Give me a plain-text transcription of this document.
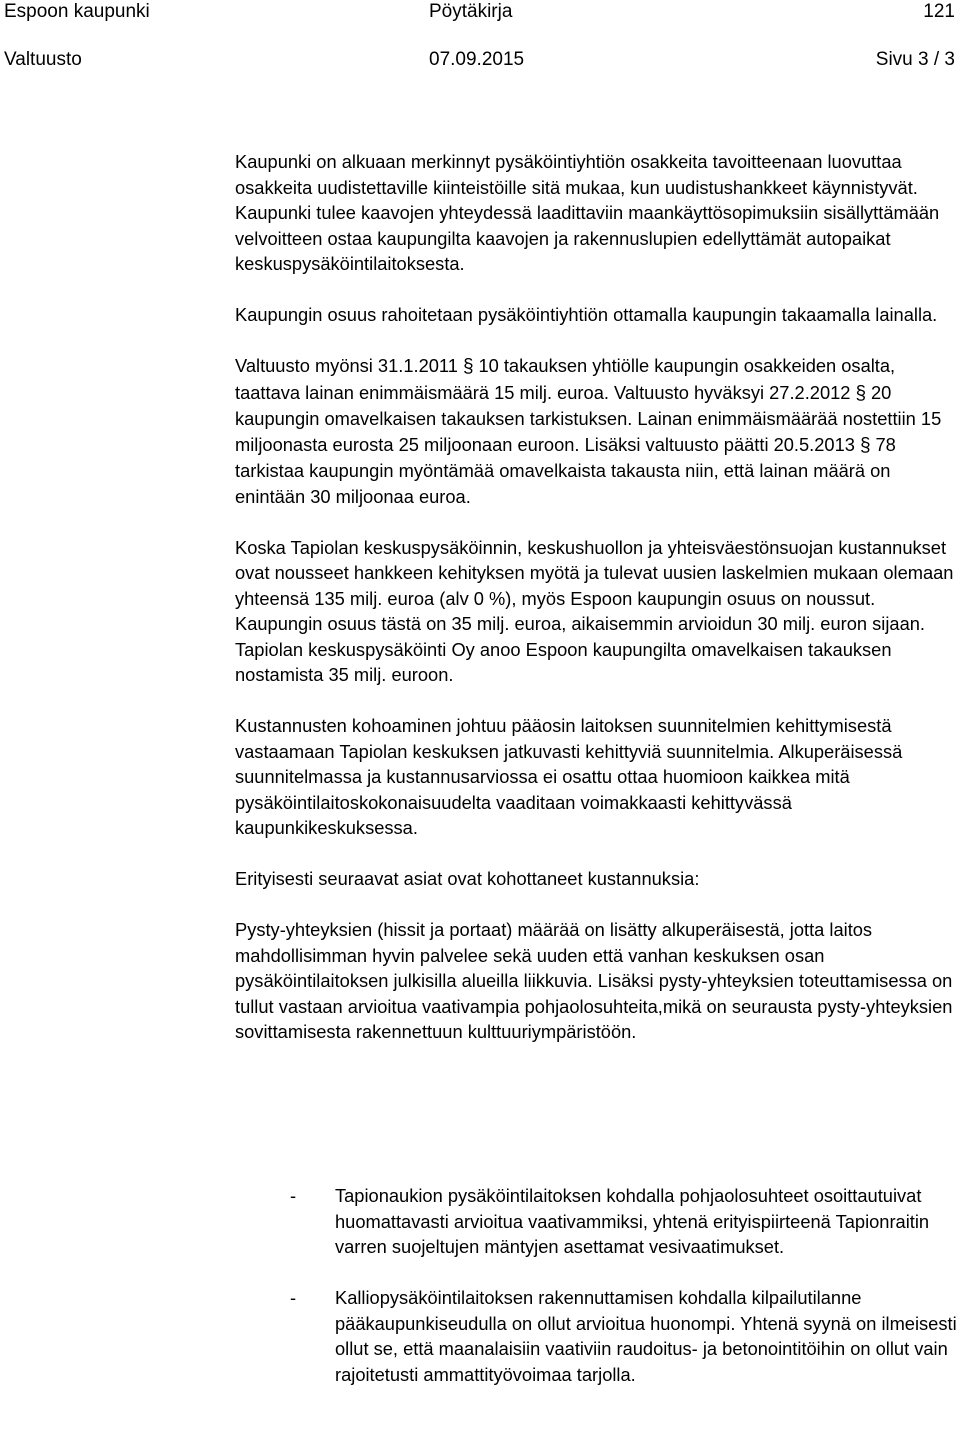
Espoon kaupunki	Pöytäkirja	121
Valtuusto	07.09.2015	Sivu 3 / 3

Kaupunki on alkuaan merkinnyt pysäköintiyhtiön osakkeita tavoitteenaan luovuttaa osakkeita uudistettaville kiinteistöille sitä mukaa, kun uudistushankkeet käynnistyvät. Kaupunki tulee kaavojen yhteydessä laadittaviin maankäyttösopimuksiin sisällyttämään velvoitteen ostaa kaupungilta kaavojen ja rakennuslupien edellyttämät autopaikat keskuspysäköintilaitoksesta.

Kaupungin osuus rahoitetaan pysäköintiyhtiön ottamalla kaupungin takaamalla lainalla.

Valtuusto myönsi 31.1.2011 § 10 takauksen yhtiölle kaupungin osakkeiden osalta, taattava lainan enimmäismäärä 15 milj. euroa. Valtuusto hyväksyi 27.2.2012 § 20 kaupungin omavelkaisen takauksen tarkistuksen. Lainan enimmäismäärää nostettiin 15 miljoonasta eurosta 25 miljoonaan euroon. Lisäksi valtuusto päätti 20.5.2013 § 78 tarkistaa kaupungin myöntämää omavelkaista takausta niin, että lainan määrä on enintään 30 miljoonaa euroa.

Koska Tapiolan keskuspysäköinnin, keskushuollon ja yhteisväestönsuojan kustannukset ovat nousseet hankkeen kehityksen myötä ja tulevat uusien laskelmien mukaan olemaan yhteensä 135 milj. euroa (alv 0 %), myös Espoon kaupungin osuus on noussut. Kaupungin osuus tästä on 35 milj. euroa, aikaisemmin arvioidun 30 milj. euron sijaan. Tapiolan keskuspysäköinti Oy anoo Espoon kaupungilta omavelkaisen takauksen nostamista 35 milj. euroon.

Kustannusten kohoaminen johtuu pääosin laitoksen suunnitelmien kehittymisestä vastaamaan Tapiolan keskuksen jatkuvasti kehittyviä suunnitelmia. Alkuperäisessä suunnitelmassa ja kustannusarviossa ei osattu ottaa huomioon kaikkea mitä pysäköintilaitoskokonaisuudelta vaaditaan voimakkaasti kehittyvässä kaupunkikeskuksessa.

Erityisesti seuraavat asiat ovat kohottaneet kustannuksia:

Pysty-yhteyksien (hissit ja portaat) määrää on lisätty alkuperäisestä, jotta laitos mahdollisimman hyvin palvelee sekä uuden että vanhan keskuksen osan pysäköintilaitoksen julkisilla alueilla liikkuvia. Lisäksi pysty-yhteyksien toteuttamisessa on tullut vastaan arvioitua vaativampia pohjaolosuhteita,mikä on seurausta pysty-yhteyksien sovittamisesta rakennettuun kulttuuriympäristöön.

- Tapionaukion pysäköintilaitoksen kohdalla pohjaolosuhteet osoittautuivat huomattavasti arvioitua vaativammiksi, yhtenä erityispiirteenä Tapionraitin varren suojeltujen mäntyjen asettamat vesivaatimukset.
- Kalliopysäköintilaitoksen rakennuttamisen kohdalla kilpailutilanne pääkaupunkiseudulla on ollut arvioitua huonompi. Yhtenä syynä on ilmeisesti ollut se, että maanalaisiin vaativiin raudoitus- ja betonointitöihin on ollut vain rajoitetusti ammattityövoimaa tarjolla.
